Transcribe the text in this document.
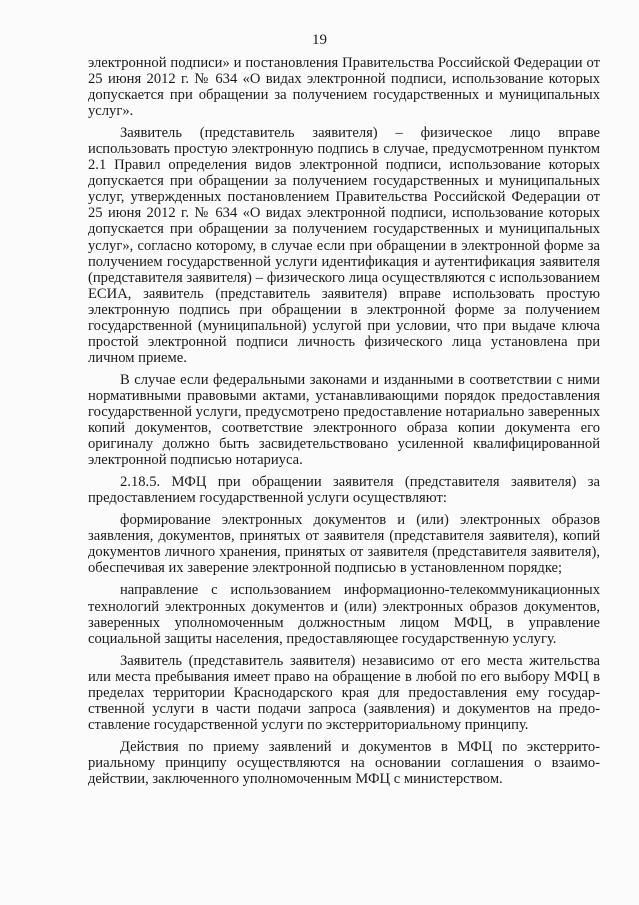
19

электронной подписи» и постановления Правительства Российской Федерации от 25 июня 2012 г. № 634 «О видах электронной подписи, использование которых допускается при обращении за получением государственных и муниципальных услуг».

Заявитель (представитель заявителя) – физическое лицо вправе использовать простую электронную подпись в случае, предусмотренном пунктом 2.1 Правил определения видов электронной подписи, использование которых допускается при обращении за получением государственных и муниципальных услуг, утвержденных постановлением Правительства Российской Федерации от 25 июня 2012 г. № 634 «О видах электронной подписи, использование которых допускается при обращении за получением государственных и муниципальных услуг», согласно которому, в случае если при обращении в электронной форме за получением государственной услуги идентификация и аутентификация заявителя (представителя заявителя) – физического лица осуществляются с использованием ЕСИА, заявитель (представитель заявителя) вправе использовать простую электронную подпись при обращении в электронной форме за получением государственной (муниципальной) услугой при условии, что при выдаче ключа простой электронной подписи личность физического лица установлена при личном приеме.

В случае если федеральными законами и изданными в соответствии с ними нормативными правовыми актами, устанавливающими порядок предоставления государственной услуги, предусмотрено предоставление нотариально заверенных копий документов, соответствие электронного образа копии документа его оригиналу должно быть засвидетельствовано усиленной квалифицированной электронной подписью нотариуса.

2.18.5. МФЦ при обращении заявителя (представителя заявителя) за предоставлением государственной услуги осуществляют:

формирование электронных документов и (или) электронных образов заявления, документов, принятых от заявителя (представителя заявителя), копий документов личного хранения, принятых от заявителя (представителя заявителя), обеспечивая их заверение электронной подписью в установленном порядке;

направление с использованием информационно-телекоммуникационных технологий электронных документов и (или) электронных образов документов, заверенных уполномоченным должностным лицом МФЦ, в управление социальной защиты населения, предоставляющее государственную услугу.

Заявитель (представитель заявителя) независимо от его места жительства или места пребывания имеет право на обращение в любой по его выбору МФЦ в пределах территории Краснодарского края для предоставления ему государственной услуги в части подачи запроса (заявления) и документов на предоставление государственной услуги по экстерриториальному принципу.

Действия по приему заявлений и документов в МФЦ по экстерриториальному принципу осуществляются на основании соглашения о взаимодействии, заключенного уполномоченным МФЦ с министерством.
